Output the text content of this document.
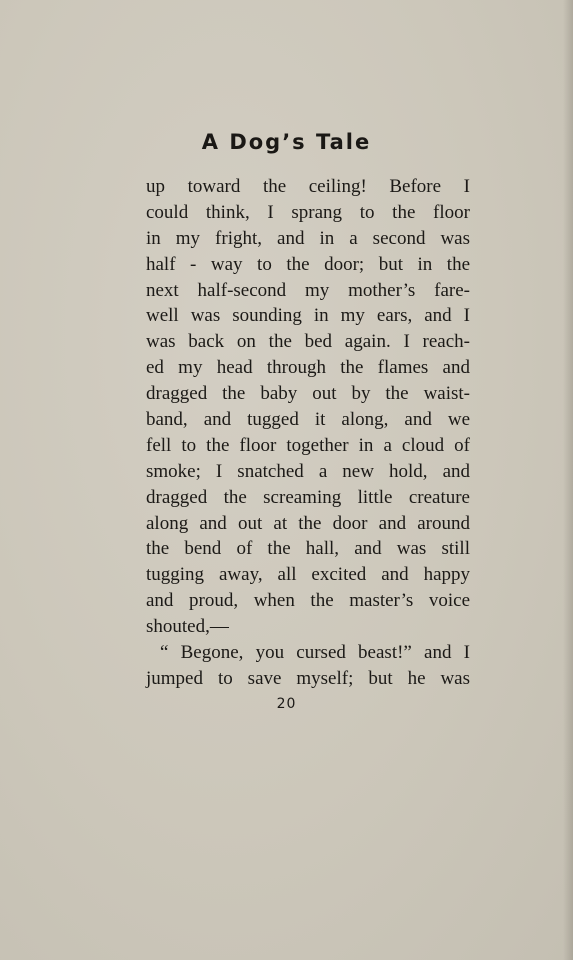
A Dog’s Tale
up toward the ceiling! Before I
could think, I sprang to the floor
in my fright, and in a second was
half - way to the door; but in the
next half-second my mother’s fare-
well was sounding in my ears, and I
was back on the bed again. I reach-
ed my head through the flames and
dragged the baby out by the waist-
band, and tugged it along, and we
fell to the floor together in a cloud of
smoke; I snatched a new hold, and
dragged the screaming little creature
along and out at the door and around
the bend of the hall, and was still
tugging away, all excited and happy
and proud, when the master’s voice
shouted,—
“ Begone, you cursed beast!” and I
jumped to save myself; but he was
20
